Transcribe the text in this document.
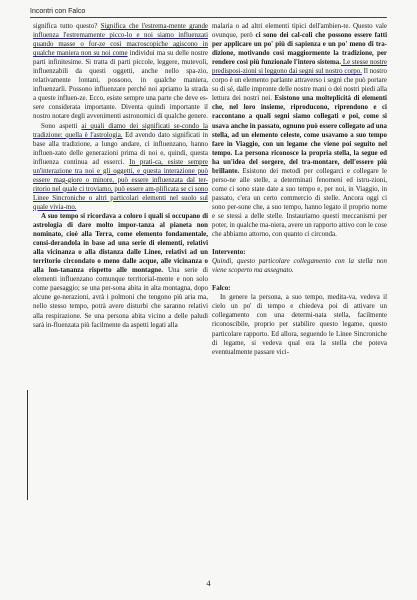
Incontri con Falco

significa tutto questo? Significa che l'estrema-mente grande influenza l'estremamente picco-lo e noi siamo influenzati quando masse o for-ze così macroscopiche agiscono in qualche maniera non su noi come individui ma su delle nostre parti infinitesime. Si tratta di parti piccole, leggere, mutevoli, influenzabili da questi oggetti, anche nello spa-zio, relativamente lontani, possono, in qualche maniera, influenzarli. Possono influenzare perché noi apriamo la strada a queste influen-ze. Ecco, esiste sempre una parte che deve es-sere considerata importante. Diventa quindi importante il nostro notare degli avvenimenti astronomici di qualche genere.

Sono aspetti ai quali diamo dei significati se-condo la tradizione: quella è l'astrologia. Ed avendo dato significati in base alla tradizione, a lungo andare, ci influenzano, hanno influen-zato delle generazioni prima di noi e, quindi, questa influenza continua ad esserci. In prati-ca, esiste sempre un'interazione tra noi e gli oggetti, e questa interazione può essere mag-giore o minore, può essere influenzata dal ter-ritorio nel quale ci troviamo, può essere am-plificata se ci sono Linee Sincroniche o altri particolari elementi nel suolo sul quale vivia-mo.

A suo tempo si ricordava a coloro i quali si occupano di astrologia di dare molto impor-tanza al pianeta non nominato, cioè alla Terra, come elemento fondamentale, consi-derandola in base ad una serie di elementi, relativi alla vicinanza o alla distanza dalle Linee, relativi ad un territorio circondato o meno dalle acque, alle vicinanza o alla lon-tananza rispetto alle montagne. Una serie di elementi influenzano comunque territorial-mente e non solo come paesaggio; se una per-sona abita in alta montagna, dopo alcune ge-nerazioni, avrà i polmoni che tengono più aria ma, nello stesso tempo, potrà avere disturbi che saranno relativi alla respirazione. Se una persona abita vicino a delle paludi sarà in-fluenzata più facilmente da aspetti legati alla

malaria o ad altri elementi tipici dell'ambien-te. Questo vale ovunque, però ci sono dei cal-coli che possono essere fatti per applicare un po' più di sapienza e un po' meno di tra-dizione, motivando così maggiormente la tradizione, per rendere così più funzionale l'intero sistema. Le stesse nostre predisposi-zioni si leggono dai segni sul nostro corpo. Il nostro corpo è un elemento parlante attraverso i segni che può portare su di sé, dalle impronte delle nostre mani o dei nostri piedi alla lettura dei nostri nei. Esistono una molteplicità di elementi che, nel loro insieme, riproducono, riprendono e ci raccontano a quali segni siamo collegati e poi, come si usava anche in passato, ognuno può essere collegato ad una stella, ad un elemento celeste, come usavamo a suo tempo fare in Viaggio, con un legame che viene poi seguito nel tempo. La persona riconosce la propria stella, la segue ed ha un'idea del sorgere, del tra-montare, dell'essere più brillante. Esistono dei metodi per collegarci e collegare le perso-ne alle stelle, a determinati fenomeni ed istru-zioni, come ci sono state date a suo tempo e, per noi, in Viaggio, in passato, c'era un certo commercio di stelle. Ancora oggi ci sono per-sone che, a suo tempo, hanno legato il proprio nome e se stessi a delle stelle. Instauriamo questi meccanismi per poter, in qualche ma-niera, avere un rapporto attivo con le cose che abbiamo attorno, con quanto ci circonda.

Intervento:

Quindi, questo particolare collegamento con la stella non viene scoperto ma assegnato.

Falco:

In genere la persona, a suo tempo, medita-va, vedeva il cielo un po' di tempo e chiedeva poi di attivare un collegamento con una determi-nata stella, facilmente riconoscibile, proprio per stabilire questo legame, questo particolare rapporto. Ed allora, seguendo le Linee Sincroniche di legame, si vedeva qual era la stella che poteva eventualmente passare vici-

4
